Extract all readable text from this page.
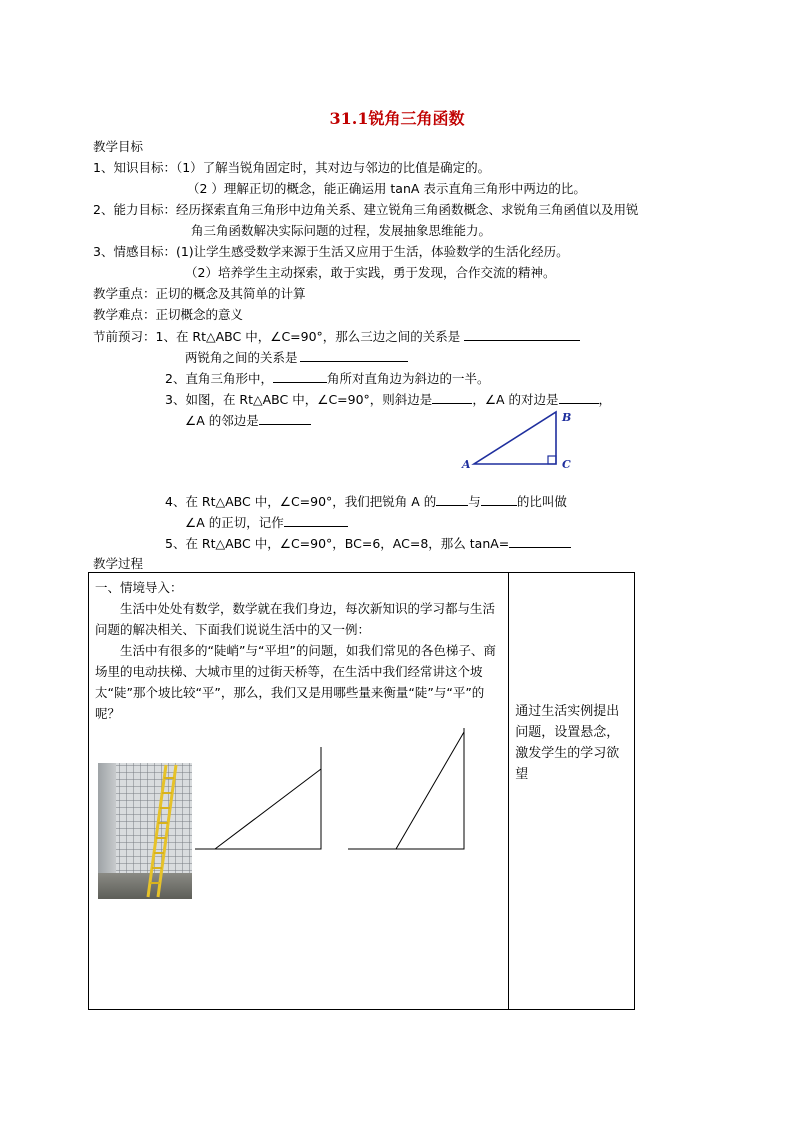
31.1锐角三角函数
教学目标
1、知识目标：（1）了解当锐角固定时，其对边与邻边的比值是确定的。
（2 ）理解正切的概念，能正确运用 tanA 表示直角三角形中两边的比。
2、能力目标：经历探索直角三角形中边角关系、建立锐角三角函数概念、求锐角三角函值以及用锐
角三角函数解决实际问题的过程，发展抽象思维能力。
3、情感目标：(1)让学生感受数学来源于生活又应用于生活，体验数学的生活化经历。
（2）培养学生主动探索，敢于实践，勇于发现，合作交流的精神。
教学重点：正切的概念及其简单的计算
教学难点：正切概念的意义
节前预习：1、在 Rt△ABC 中，∠C=90°，那么三边之间的关系是
两锐角之间的关系是
2、直角三角形中，	角所对直角边为斜边的一半。
3、如图，在 Rt△ABC 中，∠C=90°，则斜边是	，∠A 的对边是	，
∠A 的邻边是
A
B
C
4、在 Rt△ABC 中，∠C=90°，我们把锐角 A 的	与	的比叫做
∠A 的正切，记作
5、在 Rt△ABC 中，∠C=90°，BC=6，AC=8，那么 tanA=
教学过程
一、情境导入：
　　生活中处处有数学，数学就在我们身边，每次新知识的学习都与生活问题的解决相关、下面我们说说生活中的又一例：
　　生活中有很多的“陡峭”与“平坦”的问题，如我们常见的各色梯子、商场里的电动扶梯、大城市里的过街天桥等，在生活中我们经常讲这个坡太“陡”那个坡比较“平”，那么，我们又是用哪些量来衡量“陡”与“平”的呢？	通过生活实例提出问题，设置悬念，激发学生的学习欲望
